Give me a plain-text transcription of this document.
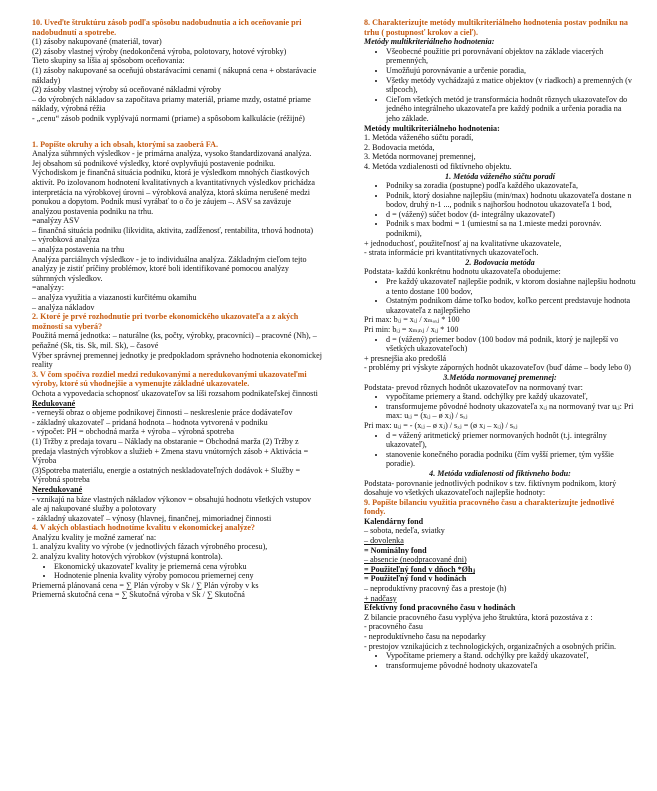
10. Uveďte štruktúru zásob podľa spôsobu nadobudnutia a ich oceňovanie pri nadobudnutí a spotrebe.
(1) zásoby nakupované (materiál, tovar)
(2) zásoby vlastnej výroby (nedokončená výroba, polotovary, hotové výrobky)
Tieto skupiny sa líšia aj spôsobom oceňovania:
(1) zásoby nakupované sa oceňujú obstarávacími cenami ( nákupná cena + obstarávacie náklady)
(2) zásoby vlastnej výroby sú oceňované nákladmi výroby
– do výrobných nákladov sa započítava priamy materiál, priame mzdy, ostatné priame náklady, výrobná réžia
- „cenu“ zásob podnik vyplývajú normami (priame) a spôsobom kalkulácie (réžijné)
1. Popíšte okruhy a ich obsah, ktorými sa zaoberá FA.
Analýza súhrnných výsledkov - je primárna analýza, vysoko štandardizovaná analýza. Jej obsahom sú podnikové výsledky, ktoré ovplyvňujú postavenie podniku. Východiskom je finančná situácia podniku, ktorá je výsledkom mnohých čiastkových aktivít. Po izolovanom hodnotení kvalitatívnych a kvantitatívnych výsledkov prichádza interpretácia na výrobkovej úrovni – výrobková analýza, ktorá skúma nerušené medzi ponukou a dopytom. Podnik musí vyrábať to o čo je záujem –. ASV sa zaväzuje analýzou postavenia podniku na trhu.
=analýzy ASV
– finančná situácia podniku (likvidita, aktivita, zadĺženosť, rentabilita, trhová hodnota)
– výrobková analýza
– analýza postavenia na trhu
Analýza parciálnych výsledkov - je to individuálna analýza. Základným cieľom tejto analýzy je zistiť príčiny problémov, ktoré boli identifikované pomocou analýzy súhrnných výsledkov.
=analýzy:
– analýza využitia a viazanosti kurčitému okamihu
– analýza nákladov
2. Ktoré je prvé rozhodnutie pri tvorbe ekonomického ukazovateľa a z akých možností sa vyberá?
Použitá merná jednotka: – naturálne (ks, počty, výrobky, pracovníci) – pracovné (Nh), – peňažné (Sk, tis. Sk, mil. Sk), – časové
Výber správnej premennej jednotky je predpokladom správneho hodnotenia ekonomickej reality
3. V čom spočíva rozdiel medzi redukovanými a neredukovanými ukazovateľmi výroby, ktoré sú vhodnejšie a vymenujte základné ukazovatele.
Ochota a vypovedacia schopnosť ukazovateľov sa líši rozsahom podnikateľskej činnosti
Redukované
- verneyší obraz o objeme podnikovej činnosti – neskreslenie práce dodávateľov
- základný ukazovateľ – pridaná hodnota – hodnota vytvorená v podniku
- výpočet: PH = obchodná marža + výroba – výrobná spotreba
(1) Tržby z predaja tovaru – Náklady na obstaranie = Obchodná marža (2) Tržby z predaja vlastných výrobkov a služieb + Zmena stavu vnútorných zásob + Aktivácia = Výroba
(3)Spotreba materiálu, energie a ostatných neskladovateľných dodávok + Služby = Výrobná spotreba
Neredukované
- vznikajú na báze vlastných nákladov výkonov = obsahujú hodnotu všetkých vstupov ale aj nakupované služby a polotovary
- základný ukazovateľ – výnosy (hlavnej, finančnej, mimoriadnej činnosti
4. V akých oblastiach hodnotíme kvalitu v ekonomickej analýze?
Analýzu kvality je možné zamerať na:
1. analýzu kvality vo výrobe (v jednotlivých fázach výrobného procesu),
2. analýzu kvality hotových výrobkov (výstupná kontrola).
• Ekonomický ukazovateľ kvality je priemerná cena výrobku
• Hodnotenie plnenia kvality výroby pomocou priemernej ceny
Priemerná plánovaná cena = ∑ Plán výroby v Sk / ∑ Plán výroby v ks
Priemerná skutočná cena = ∑ Skutočná výroba v Sk / ∑ Skutočná
8. Charakterizujte metódy multikriteriálneho hodnotenia postav podniku na trhu ( postupnosť krokov a cieľ).
Metódy multikriteriálneho hodnotenia:
• Všeobecné použitie pri porovnávaní objektov na základe viacerých premenných,
• Umožňujú porovnávanie a určenie poradia,
• Všetky metódy vychádzajú z matice objektov (v riadkoch) a premenných (v stĺpcoch),
• Cieľom všetkých metód je transformácia hodnôt rôznych ukazovateľov do jedného integrálneho ukazovateľa pre každý podnik a určenia poradia na jeho základe.
Metódy multikriteriálneho hodnotenia:
1. Metóda váženého súčtu poradí,
2. Bodovacia metóda,
3. Metóda normovanej premennej,
4. Metóda vzdialenosti od fiktívneho objektu.
1. Metóda váženého súčtu poradí
• Podniky sa zoradia (postupne) podľa každého ukazovateľa,
• Podnik, ktorý dosiahne najlepšiu (min/max) hodnotu ukazovateľa dostane n bodov, druhý n-1 ..., podnik s najhoršou hodnotou ukazovateľa 1 bod,
• d = (vážený) súčet bodov (d- integrálny ukazovateľ)
• Podnik s max bodmi = 1 (umiestní sa na 1.mieste medzi porovnáv. podnikmi),
+ jednoduchosť, použiteľnosť aj na kvalitatívne ukazovatele,
- strata informácie pri kvantitatívnych ukazovateľoch.
2. Bodovacia metóda
Podstata- každú konkrétnu hodnotu ukazovateľa obodujeme:
• Pre každý ukazovateľ najlepšie podnik, v ktorom dosiahne najlepšiu hodnotu a tento dostane 100 bodov,
• Ostatným podnikom dáme toľko bodov, koľko percent predstavuje hodnota ukazovateľa z najlepšieho
Pri max: bᵢⱼ = xᵢⱼ / xₘₐₓⱼ * 100
Pri min: bᵢⱼ = xₘᵢₙⱼ / xᵢⱼ * 100
• d = (vážený) priemer bodov (100 bodov má podnik, ktorý je najlepší vo všetkých ukazovateľoch)
+ presnejšia ako predošlá
- problémy pri výskyte záporných hodnôt ukazovateľov (buď dáme – body lebo 0)
3.Metóda normovanej premennej:
Podstata- prevod rôznych hodnôt ukazovateľov na normovaný tvar:
• vypočítame priemery a štand. odchýlky pre každý ukazovateľ,
• transformujeme pôvodné hodnoty ukazovateľa xᵢⱼ na normovaný tvar uᵢⱼ: Pri max: uᵢⱼ = (xᵢⱼ – ø xⱼ) / sₓⱼ
Pri max: uᵢⱼ = - (xᵢⱼ – ø xⱼ) / sₓⱼ = (ø xⱼ – xᵢⱼ) / sₓⱼ
• d = vážený aritmetický priemer normovaných hodnôt (t.j. integrálny ukazovateľ),
• stanovenie konečného poradia podniku (čím vyšší priemer, tým vyššie poradie).
4. Metóda vzdialenosti od fiktívneho bodu:
Podstata- porovnanie jednotlivých podnikov s tzv. fiktívnym podnikom, ktorý dosahuje vo všetkých ukazovateľoch najlepšie hodnoty:
9. Popíšte bilanciu využitia pracovného času a charakterizujte jednotlivé fondy.
Kalendárny fond
– sobota, nedeľa, sviatky
– dovolenka
= Nominálny fond
– absencie (neodpracované dni)
= Použiteľný fond v dňoch *Øhⱼ
= Použiteľný fond v hodinách
– neproduktívny pracovný čas a prestoje (h)
+ nadčasy
Efektívny fond pracovného času v hodinách
Z bilancie pracovného času vyplýva jeho štruktúra, ktorá pozostáva z :
- pracovného času
- neproduktívneho času na nepodarky
- prestojov vznikajúcich z technologických, organizačných a osobných príčin.
• Vypočítame priemery a štand. odchýlky pre každý ukazovateľ,
• transformujeme pôvodné hodnoty ukazovateľa
